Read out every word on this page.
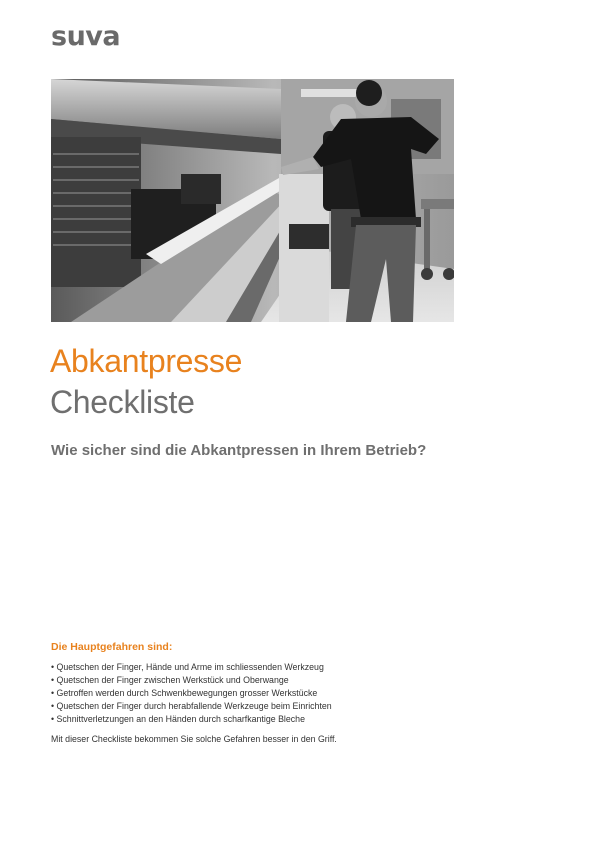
suva
Abkantpresse
Checkliste
Wie sicher sind die Abkantpressen in Ihrem Betrieb?
Die Hauptgefahren sind:
• Quetschen der Finger, Hände und Arme im schliessenden Werkzeug
• Quetschen der Finger zwischen Werkstück und Oberwange
• Getroffen werden durch Schwenkbewegungen grosser Werkstücke
• Quetschen der Finger durch herabfallende Werkzeuge beim Einrichten
• Schnittverletzungen an den Händen durch scharfkantige Bleche
Mit dieser Checkliste bekommen Sie solche Gefahren besser in den Griff.
